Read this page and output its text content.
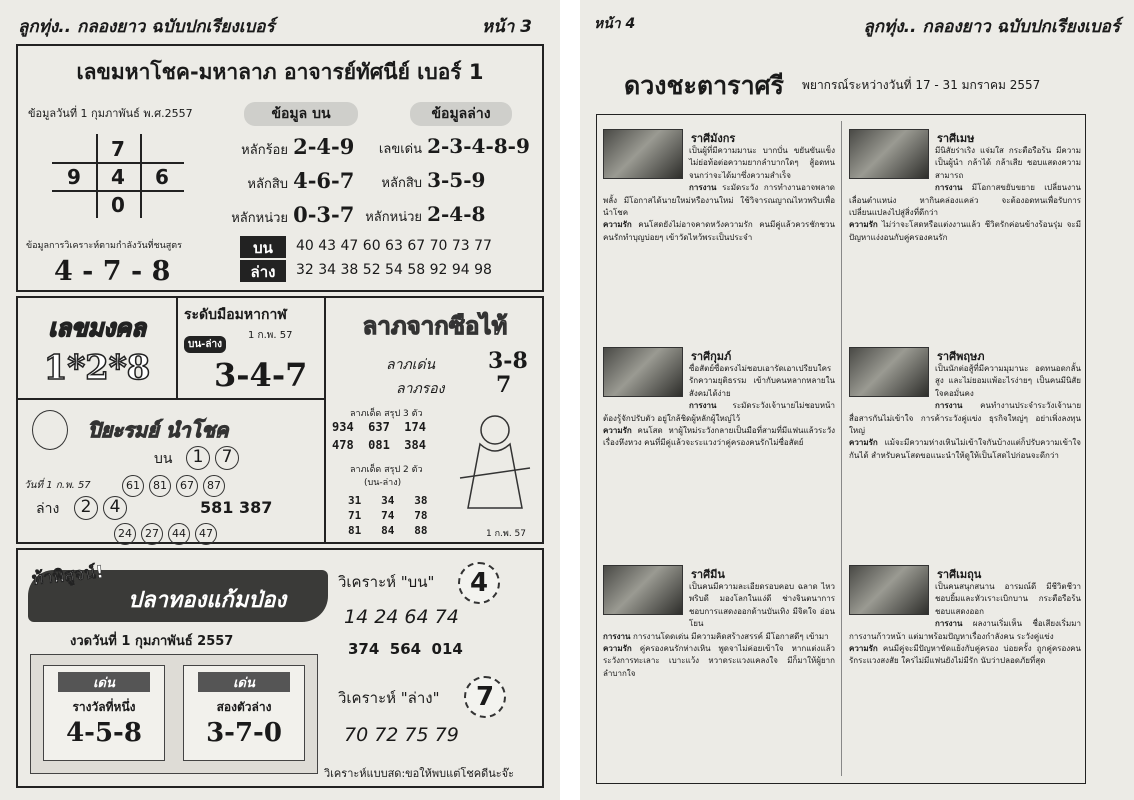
ลูกทุ่ง.. กลองยาว ฉบับปกเรียงเบอร์	หน้า 3
เลขมหาโชค-มหาลาภ อาจารย์ทัศนีย์ เบอร์ 1
ข้อมูลวันที่ 1 กุมภาพันธ์ พ.ศ.2557	ข้อมูล บน	ข้อมูลล่าง
7
9	4	6
0
หลักร้อย 2-4-9
หลักสิบ 4-6-7
หลักหน่วย 0-3-7
เลขเด่น 2-3-4-8-9
หลักสิบ 3-5-9
หลักหน่วย 2-4-8
ข้อมูลการวิเคราะห์ตามกำลังวันที่ชนสูตร
4 - 7 - 8
บน
ล่าง
40 43 47 60 63 67 70 73 77
32 34 38 52 54 58 92 94 98
เลขมงคล
1*2*8
ระดับมือมหากาฬ
บน-ล่าง
1 ก.พ. 57
3-4-7
ลาภจากซือไท้
ลาภเด่น 3-8
ลาภรอง 7
ลาภเด็ด สรุป 3 ตัว
934  637  174
478  081  384
ลาภเด็ด สรุป 2 ตัว
(บน-ล่าง)
31   34   38
71   74   78
81   84   88	1 ก.พ. 57
ปิยะรมย์ นำโชค
วันที่ 1 ก.พ. 57
บน	1 7
61 81 67 87
ล่าง	2 4	581 387
24 27 44 47
ท้าพิสูจน์!
ปลาทองแก้มป่อง
งวดวันที่ 1 กุมภาพันธ์ 2557
เด่น
รางวัลที่หนึ่ง
4-5-8
เด่น
สองตัวล่าง
3-7-0
วิเคราะห์ "บน"	4
14 24 64 74
374  564  014
วิเคราะห์ "ล่าง"	7
70 72 75 79
วิเคราะห์แบบสด:ขอให้พบแต่โชคดีนะจ๊ะ
หน้า 4	ลูกทุ่ง.. กลองยาว ฉบับปกเรียงเบอร์
ดวงชะตาราศรี พยากรณ์ระหว่างวันที่ 17 - 31 มกราคม 2557
ราศีมังกร
เป็นผู้ที่มีความมานะ บากบั่น ขยันขันแข็ง ไม่ย่อท้อต่อความยากลำบากใดๆ สู้อดทนจนกว่าจะได้มาซึ่งความสำเร็จ
การงาน ระมัดระวัง การทำงานอาจพลาดพลั้ง มีโอกาสได้นายใหม่หรืองานใหม่ ใช้วิจารณญาณไหวพริบเพื่อนำโชค
ความรัก คนโสดยังไม่อาจคาดหวังความรัก คนมีคู่แล้วควรชักชวนคนรักทำบุญบ่อยๆ เข้าวัดไหว้พระเป็นประจำ
ราศีเมษ
มีนิสัยร่าเริง แจ่มใส กระตือรือร้น มีความเป็นผู้นำ กล้าได้ กล้าเสีย ชอบแสดงความสามารถ
การงาน มีโอกาสขยับขยาย เปลี่ยนงานเลื่อนตำแหน่ง หากินคล่องแคล่ว จะต้องอดทนเพื่อรับการเปลี่ยนแปลงไปสู่สิ่งที่ดีกว่า
ความรัก ไม่ว่าจะโสดหรือแต่งงานแล้ว ชีวิตรักค่อนข้างร้อนรุ่ม จะมีปัญหาแง่งอนกับคู่ครองคนรัก
ราศีกุมภ์
ซื่อสัตย์ซื่อตรงไม่ชอบเอารัดเอาเปรียบใคร รักความยุติธรรม เข้ากับคนหลากหลายในสังคมได้ง่าย
การงาน ระมัดระวังเจ้านายไม่ชอบหน้า ต้องรู้จักปรับตัว อยู่ใกล้ชิดผู้หลักผู้ใหญ่ไว้
ความรัก คนโสด หาผู้ใหม่ระวังกลายเป็นมือที่สามที่มีแฟนแล้วระวังเรื่องหึงหวง คนที่มีคู่แล้วจะระแวงว่าคู่ครองคนรักไม่ซื่อสัตย์
ราศีพฤษภ
เป็นนักต่อสู้ที่มีความมุมานะ อดทนอดกลั้นสูง และไม่ยอมแพ้อะไรง่ายๆ เป็นคนมีนิสัยใจคอมั่นคง
การงาน คนทำงานประจำระวังเจ้านายสื่อสารกันไม่เข้าใจ การค้าระวังคู่แข่ง ธุรกิจใหญ่ๆ อย่าเพิ่งลงทุนใหญ่
ความรัก แม้จะมีความห่างเหินไม่เข้าใจกันบ้างแต่ก็ปรับความเข้าใจกันได้ สำหรับคนโสดขอแนะนำให้ดูให้เป็นโสดไปก่อนจะดีกว่า
ราศีมีน
เป็นคนมีความละเอียดรอบคอบ ฉลาด ไหวพริบดี มองโลกในแง่ดี ช่างจินตนาการ ชอบการแสดงออกด้านบันเทิง มีจิตใจ อ่อนโยน
การงาน การงานโดดเด่น มีความคิดสร้างสรรค์ มีโอกาสดีๆ เข้ามา
ความรัก คู่ครองคนรักห่างเหิน พูดจาไม่ค่อยเข้าใจ หากแต่งแล้วระวังการทะเลาะ เบาะแว้ง หวาดระแวงแคลงใจ มีก็มาให้ผู้ยากลำบากใจ
ราศีเมถุน
เป็นคนสนุกสนาน อารมณ์ดี มีชีวิตชีวา ชอบยิ้มและหัวเราะเบิกบาน กระตือรือร้น ชอบแสดงออก
การงาน ผลงานเริ่มเห็น ชื่อเสียงเริ่มมา การงานก้าวหน้า แต่มาพร้อมปัญหาเรื่องกำลังคน ระวังคู่แข่ง
ความรัก คนมีคู่จะมีปัญหาขัดแย้งกับคู่ครอง บ่อยครั้ง ถูกคู่ครองคนรักระแวงสงสัย ใครไม่มีแฟนยังไม่มีรัก นับว่าปลอดภัยที่สุด
